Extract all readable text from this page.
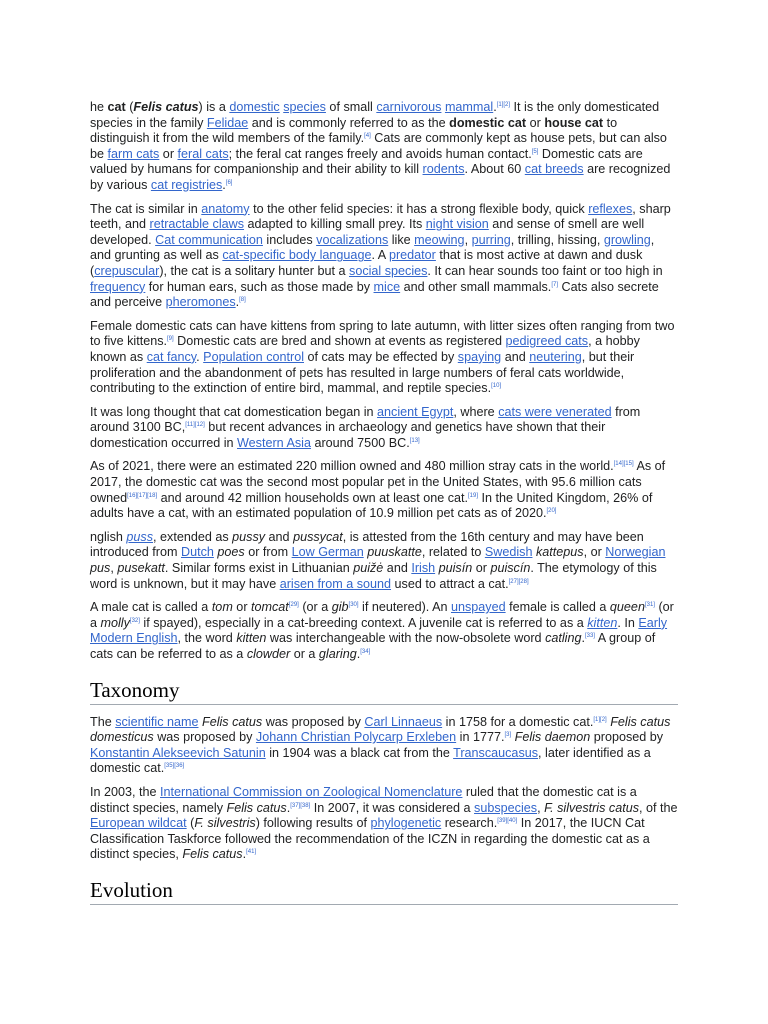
he cat (Felis catus) is a domestic species of small carnivorous mammal.[1][2] It is the only domesticated species in the family Felidae and is commonly referred to as the domestic cat or house cat to distinguish it from the wild members of the family.[4] Cats are commonly kept as house pets, but can also be farm cats or feral cats; the feral cat ranges freely and avoids human contact.[5] Domestic cats are valued by humans for companionship and their ability to kill rodents. About 60 cat breeds are recognized by various cat registries.[6]

The cat is similar in anatomy to the other felid species: it has a strong flexible body, quick reflexes, sharp teeth, and retractable claws adapted to killing small prey. Its night vision and sense of smell are well developed. Cat communication includes vocalizations like meowing, purring, trilling, hissing, growling, and grunting as well as cat-specific body language. A predator that is most active at dawn and dusk (crepuscular), the cat is a solitary hunter but a social species. It can hear sounds too faint or too high in frequency for human ears, such as those made by mice and other small mammals.[7] Cats also secrete and perceive pheromones.[8]

Female domestic cats can have kittens from spring to late autumn, with litter sizes often ranging from two to five kittens.[9] Domestic cats are bred and shown at events as registered pedigreed cats, a hobby known as cat fancy. Population control of cats may be effected by spaying and neutering, but their proliferation and the abandonment of pets has resulted in large numbers of feral cats worldwide, contributing to the extinction of entire bird, mammal, and reptile species.[10]

It was long thought that cat domestication began in ancient Egypt, where cats were venerated from around 3100 BC,[11][12] but recent advances in archaeology and genetics have shown that their domestication occurred in Western Asia around 7500 BC.[13]

As of 2021, there were an estimated 220 million owned and 480 million stray cats in the world.[14][15] As of 2017, the domestic cat was the second most popular pet in the United States, with 95.6 million cats owned[16][17][18] and around 42 million households own at least one cat.[19] In the United Kingdom, 26% of adults have a cat, with an estimated population of 10.9 million pet cats as of 2020.[20]

nglish puss, extended as pussy and pussycat, is attested from the 16th century and may have been introduced from Dutch poes or from Low German puuskatte, related to Swedish kattepus, or Norwegian pus, pusekatt. Similar forms exist in Lithuanian puižė and Irish puisín or puiscín. The etymology of this word is unknown, but it may have arisen from a sound used to attract a cat.[27][28]

A male cat is called a tom or tomcat[29] (or a gib[30] if neutered). An unspayed female is called a queen[31] (or a molly[32] if spayed), especially in a cat-breeding context. A juvenile cat is referred to as a kitten. In Early Modern English, the word kitten was interchangeable with the now-obsolete word catling.[33] A group of cats can be referred to as a clowder or a glaring.[34]

Taxonomy

The scientific name Felis catus was proposed by Carl Linnaeus in 1758 for a domestic cat.[1][2] Felis catus domesticus was proposed by Johann Christian Polycarp Erxleben in 1777.[3] Felis daemon proposed by Konstantin Alekseevich Satunin in 1904 was a black cat from the Transcaucasus, later identified as a domestic cat.[35][36]

In 2003, the International Commission on Zoological Nomenclature ruled that the domestic cat is a distinct species, namely Felis catus.[37][38] In 2007, it was considered a subspecies, F. silvestris catus, of the European wildcat (F. silvestris) following results of phylogenetic research.[39][40] In 2017, the IUCN Cat Classification Taskforce followed the recommendation of the ICZN in regarding the domestic cat as a distinct species, Felis catus.[41]

Evolution
